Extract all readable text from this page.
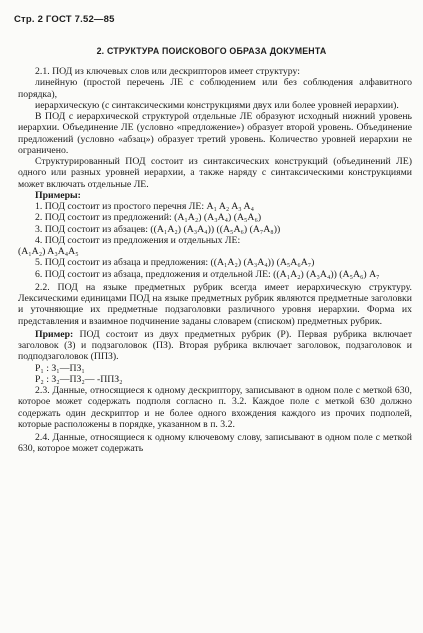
Стр. 2 ГОСТ 7.52—85
2. СТРУКТУРА ПОИСКОВОГО ОБРАЗА ДОКУМЕНТА

2.1. ПОД из ключевых слов или дескрипторов имеет структуру:

линейную (простой перечень ЛЕ с соблюдением или без соблюдения алфавитного порядка),

иерархическую (с синтаксическими конструкциями двух или более уровней иерархии).

В ПОД с иерархической структурой отдельные ЛЕ образуют исходный нижний уровень иерархии. Объединение ЛЕ (условно «предложение») образует второй уровень. Объединение предложений (условно «абзац») образует третий уровень. Количество уровней иерархии не ограничено.

Структурированный ПОД состоит из синтаксических конструкций (объединений ЛЕ) одного или разных уровней иерархии, а также наряду с синтаксическими конструкциями может включать отдельные ЛЕ.

Примеры:

1. ПОД состоит из простого перечня ЛЕ: A₁ A₂ A₃ A₄

2. ПОД состоит из предложений: (A₁A₂) (A₃A₄) (A₅A₆)

3. ПОД состоит из абзацев: ((A₁A₂) (A₃A₄)) ((A₅A₆) (A₇A₈))

4. ПОД состоит из предложения и отдельных ЛЕ:

(A₁A₂) A₃A₄A₅

5. ПОД состоит из абзаца и предложения: ((A₁A₂) (A₃A₄)) (A₅A₆A₇)

6. ПОД состоит из абзаца, предложения и отдельной ЛЕ: ((A₁A₂) (A₃A₄)) (A₅A₆) A₇

2.2. ПОД на языке предметных рубрик всегда имеет иерархическую структуру. Лексическими единицами ПОД на языке предметных рубрик являются предметные заголовки и уточняющие их предметные подзаголовки различного уровня иерархии. Форма их представления и взаимное подчинение заданы словарем (списком) предметных рубрик.

Пример: ПОД состоит из двух предметных рубрик (Р). Первая рубрика включает заголовок (З) и подзаголовок (ПЗ). Вторая рубрика включает заголовок, подзаголовок и подподзаголовок (ППЗ).

P₁ : З₁—ПЗ₁

P₂ : З₂—ПЗ₂— -ППЗ₂

2.3. Данные, относящиеся к одному дескриптору, записывают в одном поле с меткой 630, которое может содержать подполя согласно п. 3.2. Каждое поле с меткой 630 должно содержать один дескриптор и не более одного вхождения каждого из прочих подполей, которые расположены в порядке, указанном в п. 3.2.

2.4. Данные, относящиеся к одному ключевому слову, записывают в одном поле с меткой 630, которое может содержать
